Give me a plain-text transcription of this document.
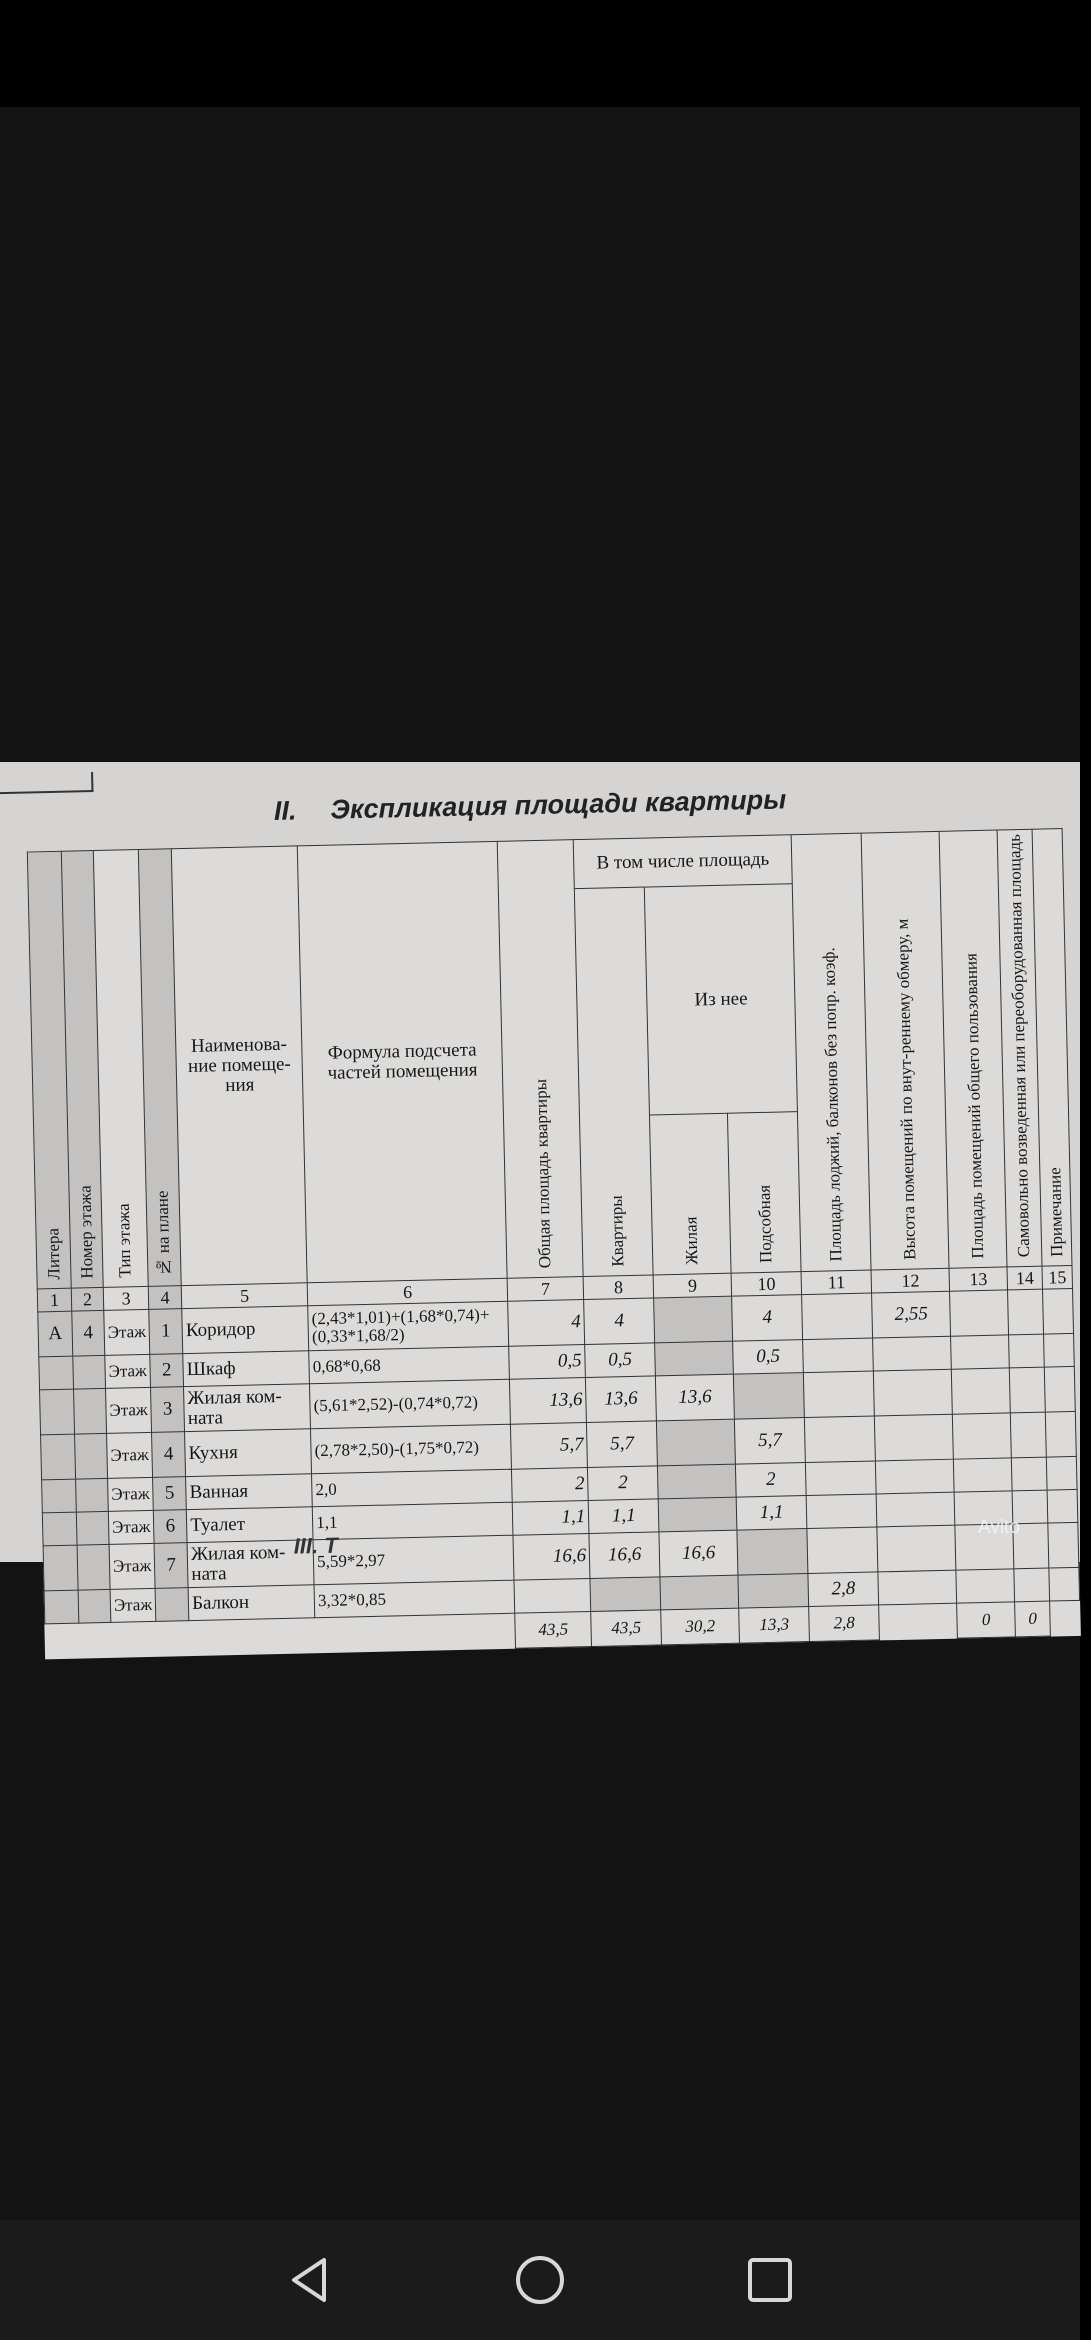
II. Экспликация площади квартиры
Литера	Номер этажа	Тип этажа	№ на плане	Наименова-ние помеще-ния	Формула подсчета частей помещения	Общая площадь квартиры	В том числе площадь			Площадь лоджий, балконов без попр. коэф.	Высота помещений по внут-реннему обмеру, м	Площадь помещений общего пользования	Самовольно возведенная или переоборудованная площадь	Примечание
							Квартиры	Из нее						
								Жилая	Подсобная					
1	2	3	4	5	6	7	8	9	10	11	12	13	14	15
А	4	Этаж	1	Коридор	(2,43*1,01)+(1,68*0,74)+(0,33*1,68/2)	4	4		4		2,55			
		Этаж	2	Шкаф	0,68*0,68	0,5	0,5		0,5					
		Этаж	3	Жилая ком-ната	(5,61*2,52)-(0,74*0,72)	13,6	13,6	13,6						
		Этаж	4	Кухня	(2,78*2,50)-(1,75*0,72)	5,7	5,7		5,7					
		Этаж	5	Ванная	2,0	2	2		2					
		Этаж	6	Туалет	1,1	1,1	1,1		1,1					
		Этаж	7	Жилая ком-ната	5,59*2,97	16,6	16,6	16,6						
		Этаж		Балкон	3,32*0,85					2,8				
						43,5	43,5	30,2	13,3	2,8		0	0	
III. Т
Avito
